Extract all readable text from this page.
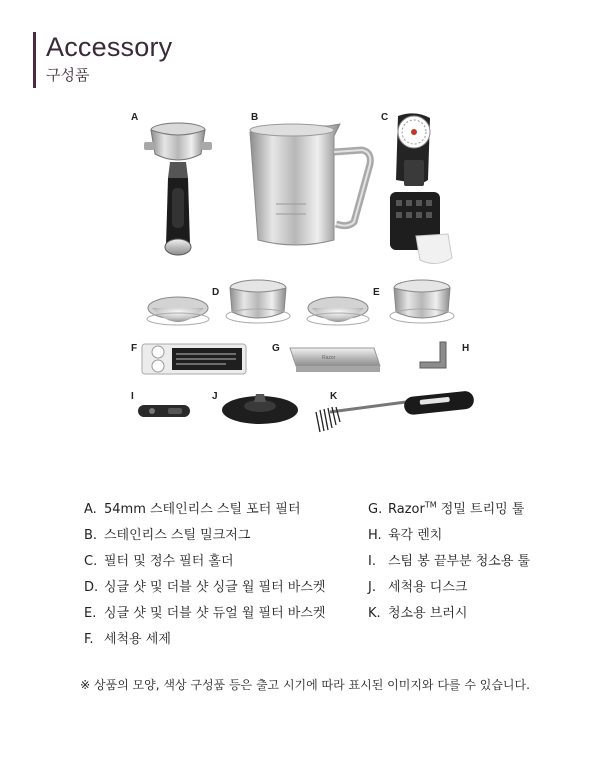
Accessory
구성품
A	B	C
D	E
F	G	H
I	J	K
Razor
A. 54mm 스테인리스 스틸 포터 필터
B. 스테인리스 스틸 밀크저그
C. 필터 및 정수 필터 홀더
D. 싱글 샷 및 더블 샷 싱글 월 필터 바스켓
E. 싱글 샷 및 더블 샷 듀얼 월 필터 바스켓
F. 세척용 세제
G. Razor™ 정밀 트리밍 툴
H. 육각 렌치
I. 스팀 봉 끝부분 청소용 툴
J. 세척용 디스크
K. 청소용 브러시
※ 상품의 모양, 색상 구성품 등은 출고 시기에 따라 표시된 이미지와 다를 수 있습니다.
